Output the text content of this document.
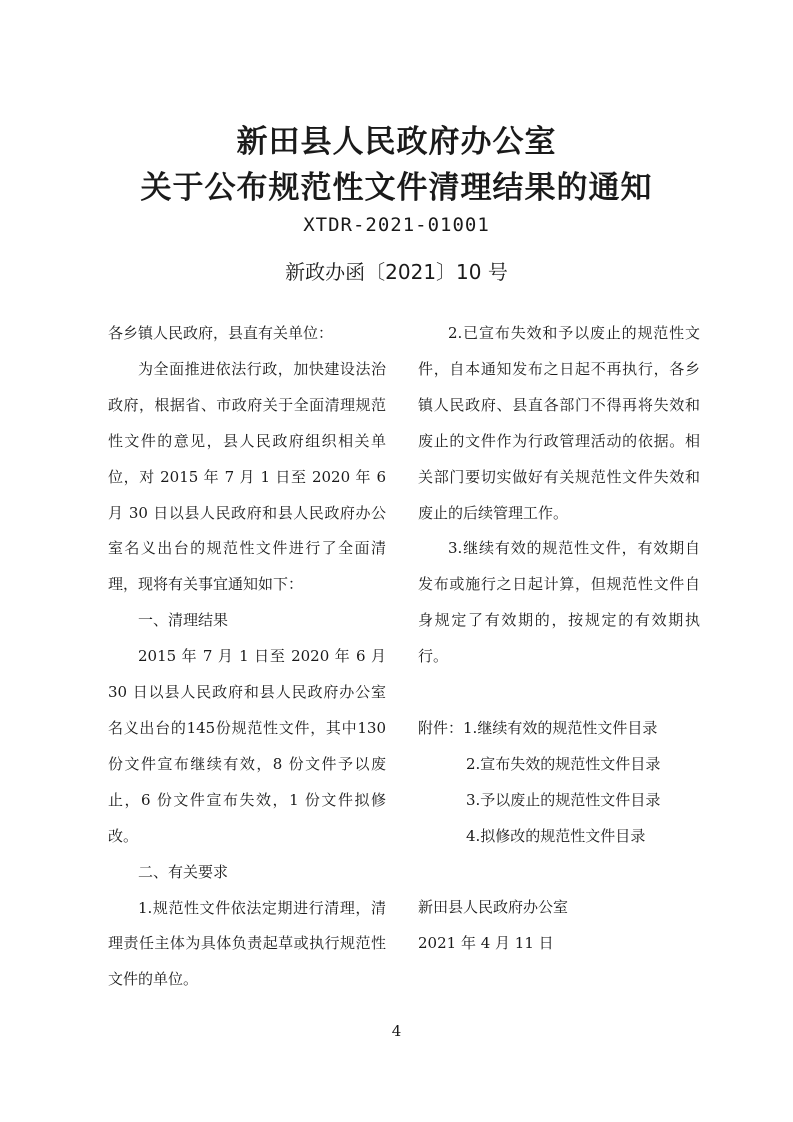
新田县人民政府办公室
关于公布规范性文件清理结果的通知
XTDR-2021-01001
新政办函〔2021〕10 号

各乡镇人民政府，县直有关单位：

为全面推进依法行政，加快建设法治政府，根据省、市政府关于全面清理规范性文件的意见，县人民政府组织相关单位，对 2015 年 7 月 1 日至 2020 年 6 月 30 日以县人民政府和县人民政府办公室名义出台的规范性文件进行了全面清理，现将有关事宜通知如下：

一、清理结果

2015 年 7 月 1 日至 2020 年 6 月 30 日以县人民政府和县人民政府办公室名义出台的145份规范性文件，其中130 份文件宣布继续有效，8 份文件予以废止，6 份文件宣布失效，1 份文件拟修改。

二、有关要求

1.规范性文件依法定期进行清理，清理责任主体为具体负责起草或执行规范性文件的单位。

2.已宣布失效和予以废止的规范性文件，自本通知发布之日起不再执行，各乡镇人民政府、县直各部门不得再将失效和废止的文件作为行政管理活动的依据。相关部门要切实做好有关规范性文件失效和废止的后续管理工作。

3.继续有效的规范性文件，有效期自发布或施行之日起计算，但规范性文件自身规定了有效期的，按规定的有效期执行。

附件： 1.继续有效的规范性文件目录

2.宣布失效的规范性文件目录

3.予以废止的规范性文件目录

4.拟修改的规范性文件目录

新田县人民政府办公室

2021 年 4 月 11 日

4
